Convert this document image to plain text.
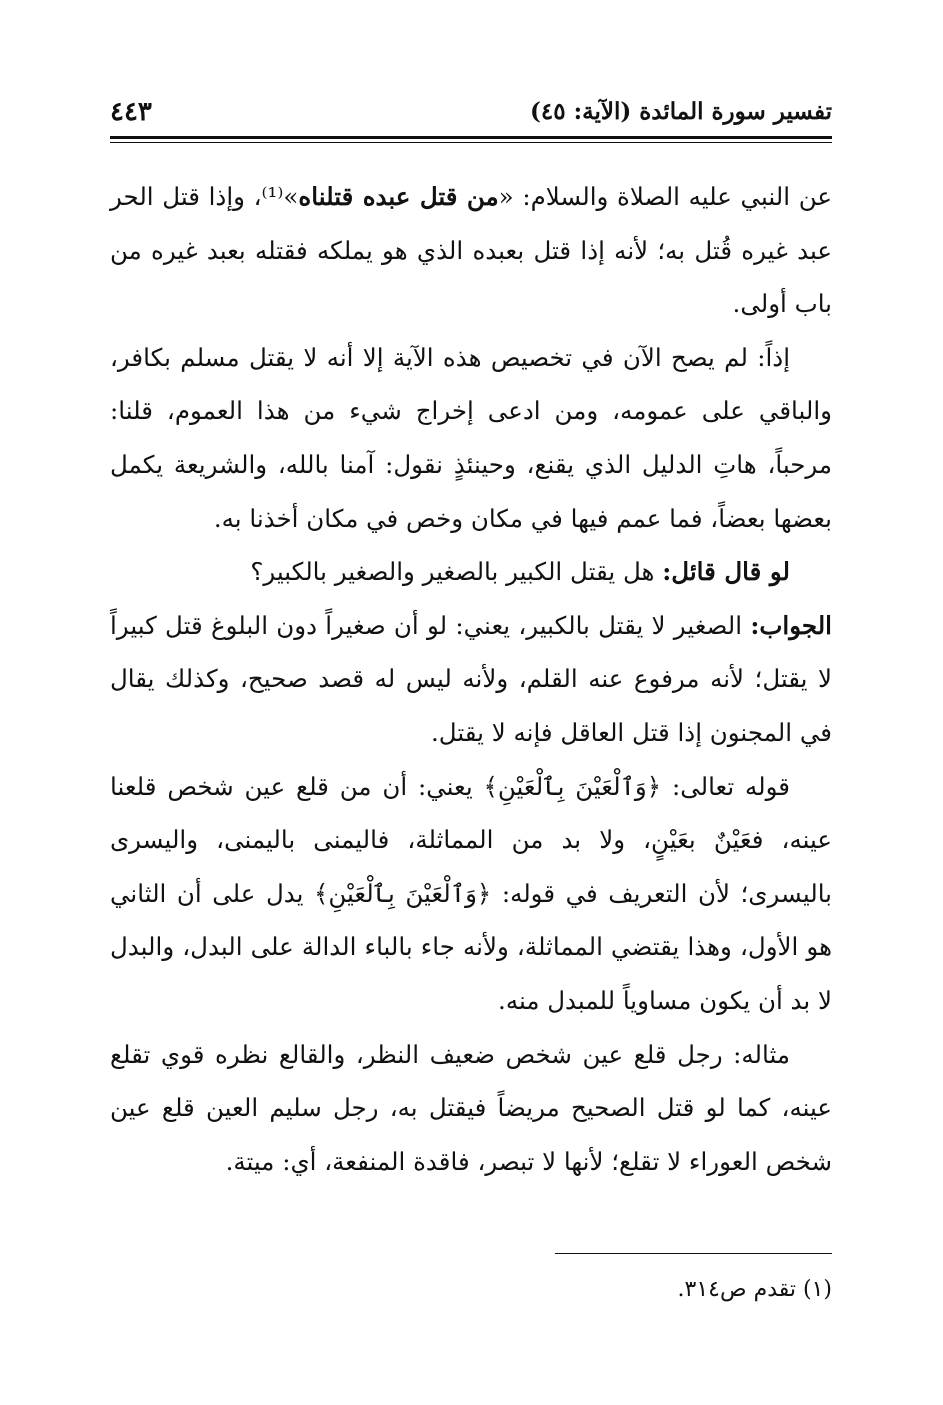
تفسير سورة المائدة (الآية: ٤٥)
٤٤٣

عن النبي عليه الصلاة والسلام: «من قتل عبده قتلناه»⁽¹⁾، وإذا قتل الحر عبد غيره قُتل به؛ لأنه إذا قتل بعبده الذي هو يملكه فقتله بعبد غيره من باب أولى.

إذاً: لم يصح الآن في تخصيص هذه الآية إلا أنه لا يقتل مسلم بكافر، والباقي على عمومه، ومن ادعى إخراج شيء من هذا العموم، قلنا: مرحباً، هاتِ الدليل الذي يقنع، وحينئذٍ نقول: آمنا بالله، والشريعة يكمل بعضها بعضاً، فما عمم فيها في مكان وخص في مكان أخذنا به.

لو قال قائل: هل يقتل الكبير بالصغير والصغير بالكبير؟

الجواب: الصغير لا يقتل بالكبير، يعني: لو أن صغيراً دون البلوغ قتل كبيراً لا يقتل؛ لأنه مرفوع عنه القلم، ولأنه ليس له قصد صحيح، وكذلك يقال في المجنون إذا قتل العاقل فإنه لا يقتل.

قوله تعالى: ﴿وَٱلْعَيْنَ بِٱلْعَيْنِ﴾ يعني: أن من قلع عين شخص قلعنا عينه، فعَيْنٌ بعَيْنٍ، ولا بد من المماثلة، فاليمنى باليمنى، واليسرى باليسرى؛ لأن التعريف في قوله: ﴿وَٱلْعَيْنَ بِٱلْعَيْنِ﴾ يدل على أن الثاني هو الأول، وهذا يقتضي المماثلة، ولأنه جاء بالباء الدالة على البدل، والبدل لا بد أن يكون مساوياً للمبدل منه.

مثاله: رجل قلع عين شخص ضعيف النظر، والقالع نظره قوي تقلع عينه، كما لو قتل الصحيح مريضاً فيقتل به، رجل سليم العين قلع عين شخص العوراء لا تقلع؛ لأنها لا تبصر، فاقدة المنفعة، أي: ميتة.

(١) تقدم ص٣١٤.
